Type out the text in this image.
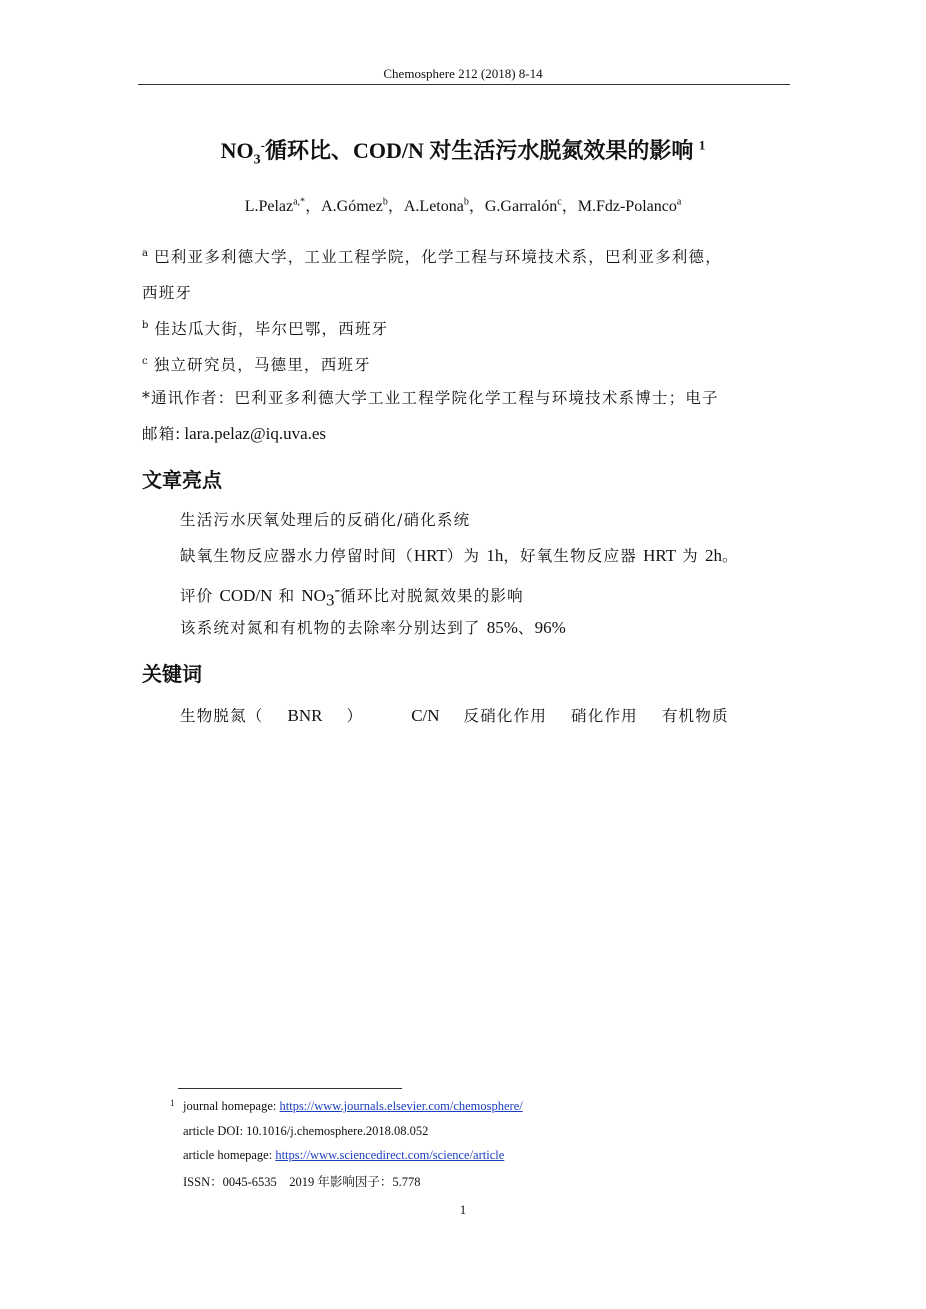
Chemosphere 212 (2018) 8-14
$NO_3^-$循环比、COD/N 对生活污水脱氮效果的影响 $^1$
L.Pelaz$^{a,*}$，A.Gómez$^b$，A.Letona$^b$，G.Garralón$^c$，M.Fdz-Polanco$^a$
$^a$ 巴利亚多利德大学，工业工程学院，化学工程与环境技术系，巴利亚多利德，
西班牙
$^b$ 佳达瓜大街，毕尔巴鄂，西班牙
$^c$ 独立研究员，马德里，西班牙
*通讯作者：巴利亚多利德大学工业工程学院化学工程与环境技术系博士；电子
邮箱: lara.pelaz@iq.uva.es
文章亮点
生活污水厌氧处理后的反硝化/硝化系统
缺氧生物反应器水力停留时间（HRT）为 1h，好氧生物反应器 HRT 为 2h。
评价 COD/N 和 $NO_3^-$循环比对脱氮效果的影响
该系统对氮和有机物的去除率分别达到了 85%、96%
关键词
生物脱氮（ BNR ）	C/N 反硝化作用 硝化作用 有机物质
1 journal homepage: https://www.journals.elsevier.com/chemosphere/
article DOI: 10.1016/j.chemosphere.2018.08.052
article homepage: https://www.sciencedirect.com/science/article
ISSN：0045-6535　2019 年影响因子：5.778
1
